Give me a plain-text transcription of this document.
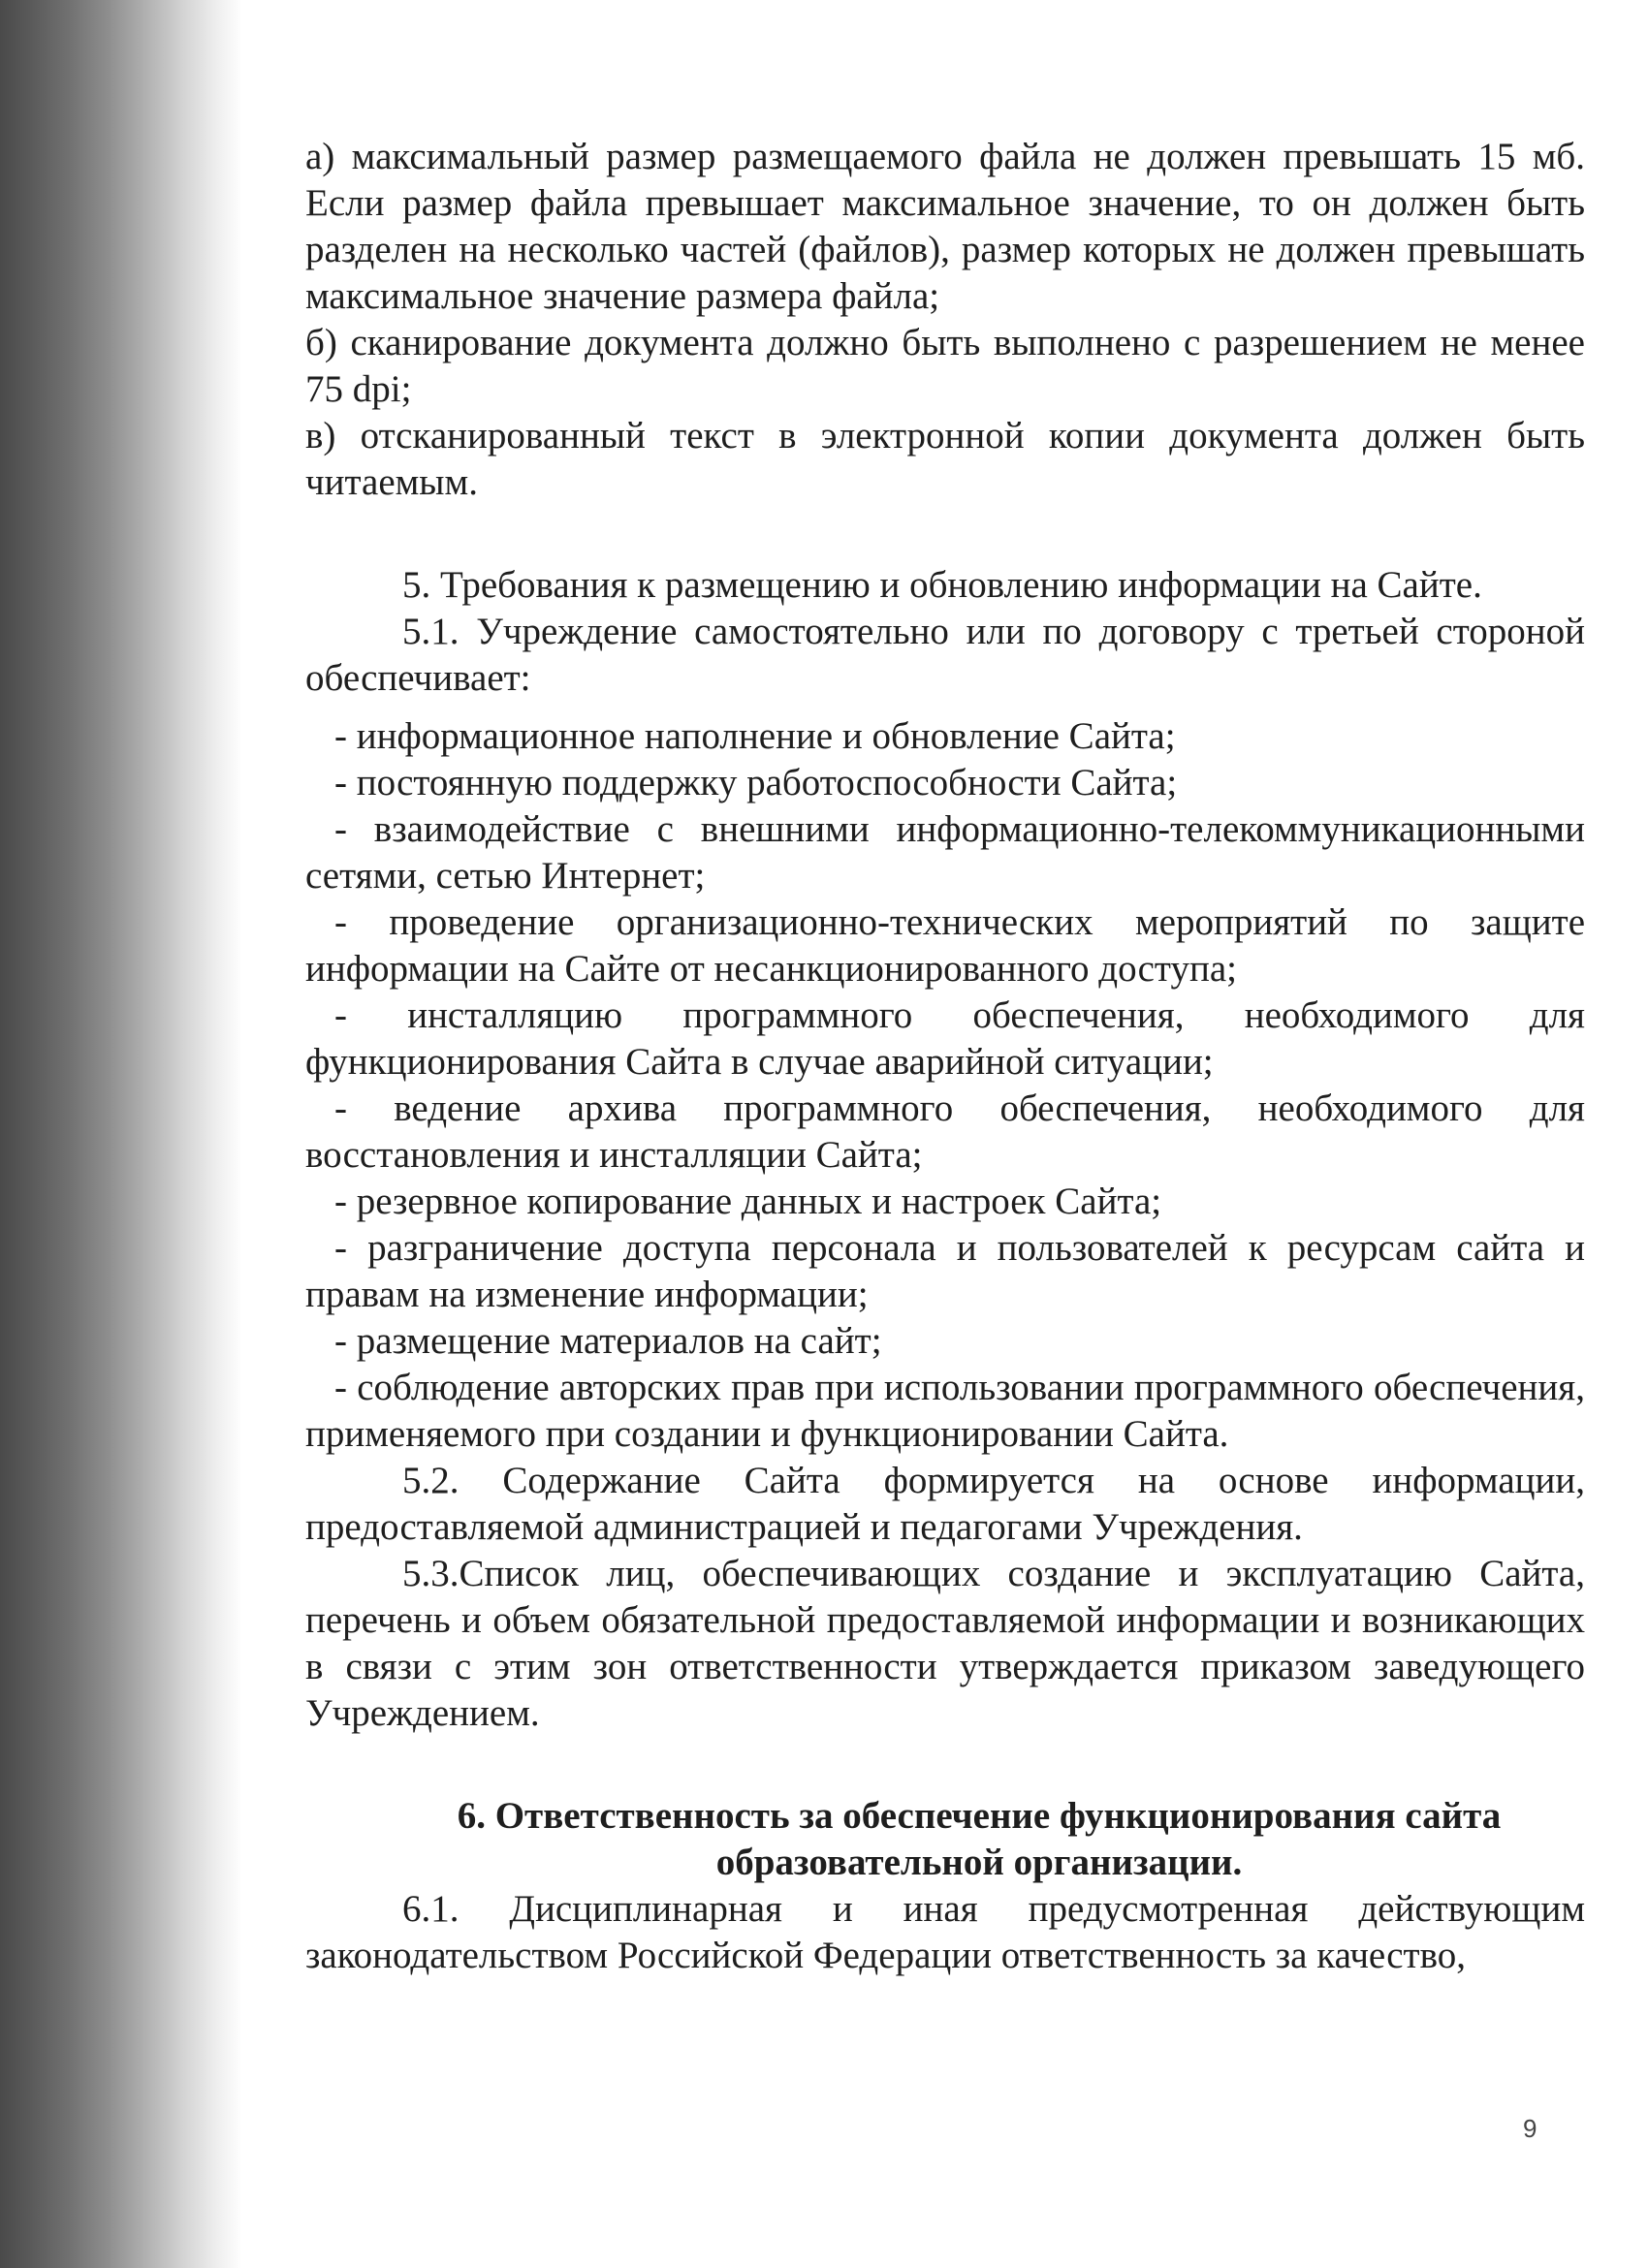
а) максимальный размер размещаемого файла не должен превышать 15 мб. Если размер файла превышает максимальное значение, то он должен быть разделен на несколько частей (файлов), размер которых не должен превышать максимальное значение размера файла;

б) сканирование документа должно быть выполнено с разрешением не менее 75 dpi;

в) отсканированный текст в электронной копии документа должен быть читаемым.

5. Требования к размещению и обновлению информации на Сайте.

5.1. Учреждение самостоятельно или по договору с третьей стороной обеспечивает:

- информационное наполнение и обновление Сайта;

- постоянную поддержку работоспособности Сайта;

- взаимодействие с внешними информационно-телекоммуникационными сетями, сетью Интернет;

- проведение организационно-технических мероприятий по защите информации на Сайте от несанкционированного доступа;

- инсталляцию программного обеспечения, необходимого для функционирования Сайта в случае аварийной ситуации;

- ведение архива программного обеспечения, необходимого для восстановления и инсталляции Сайта;

- резервное копирование данных и настроек Сайта;

- разграничение доступа персонала и пользователей к ресурсам сайта и правам на изменение информации;

- размещение материалов на сайт;

- соблюдение авторских прав при использовании программного обеспечения, применяемого при создании и функционировании Сайта.

5.2. Содержание Сайта формируется на основе информации, предоставляемой администрацией и педагогами Учреждения.

5.3.Список лиц, обеспечивающих создание и эксплуатацию Сайта, перечень и объем обязательной предоставляемой информации и возникающих в связи с этим зон ответственности утверждается приказом заведующего Учреждением.

6. Ответственность за обеспечение функционирования сайта

образовательной организации.

6.1. Дисциплинарная и иная предусмотренная действующим законодательством Российской Федерации ответственность за качество,

9
